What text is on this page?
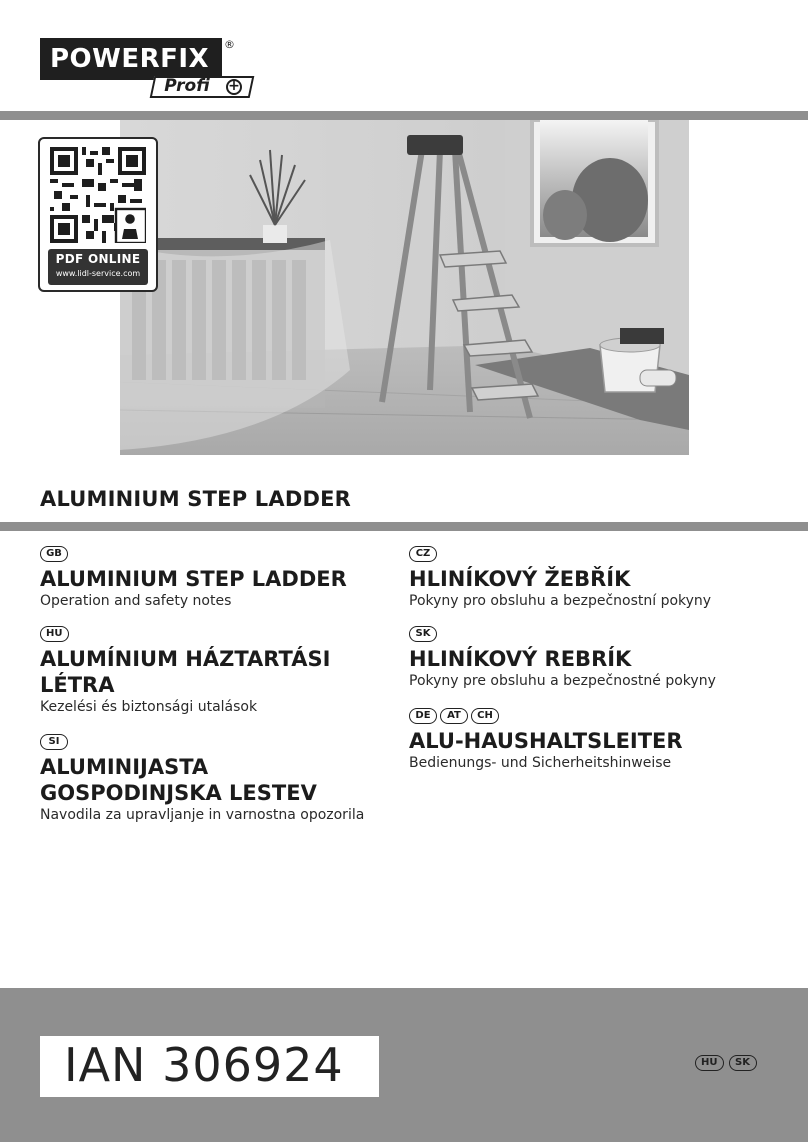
POWERFIX	®
Profi +
PDF ONLINE
www.lidl-service.com
ALUMINIUM STEP LADDER
GB
ALUMINIUM STEP LADDER
Operation and safety notes
HU
ALUMÍNIUM HÁZTARTÁSI
LÉTRA
Kezelési és biztonsági utalások
SI
ALUMINIJASTA
GOSPODINJSKA LESTEV
Navodila za upravljanje in varnostna opozorila
CZ
HLINÍKOVÝ ŽEBŘÍK
Pokyny pro obsluhu a bezpečnostní pokyny
SK
HLINÍKOVÝ REBRÍK
Pokyny pre obsluhu a bezpečnostné pokyny
DE	AT	CH
ALU-HAUSHALTSLEITER
Bedienungs- und Sicherheitshinweise
IAN 306924	HU	SK
